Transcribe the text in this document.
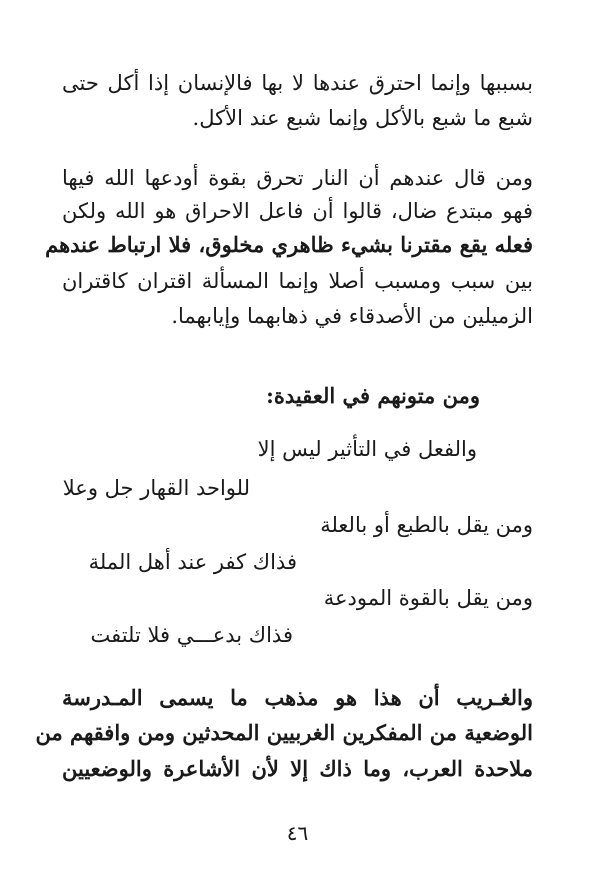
بسببها وإنما احترق عندها لا بها فالإنسان إذا أكل حتى
شبع ما شبع بالأكل وإنما شبع عند الأكل.
ومن قال عندهم أن النار تحرق بقوة أودعها الله فيها
فهو مبتدع ضال، قالوا أن فاعل الاحراق هو الله ولكن
فعله يقع مقترنا بشيء ظاهري مخلوق، فلا ارتباط عندهم
بين سبب ومسبب أصلا وإنما المسألة اقتران كاقتران
الزميلين من الأصدقاء في ذهابهما وإيابهما.
ومن متونهم في العقيدة:
والفعل في التأثير ليس إلا
للواحد القهار جل وعلا
ومن يقل بالطبع أو بالعلة
فذاك كفر عند أهل الملة
ومن يقل بالقوة المودعة
فذاك بدعـــي فلا تلتفت
والغـريب أن هذا هو مذهب ما يسمى المـدرسة
الوضعية من المفكرين الغربيين المحدثين ومن وافقهم من
ملاحدة العرب، وما ذاك إلا لأن الأشاعرة والوضعيين
٤٦
